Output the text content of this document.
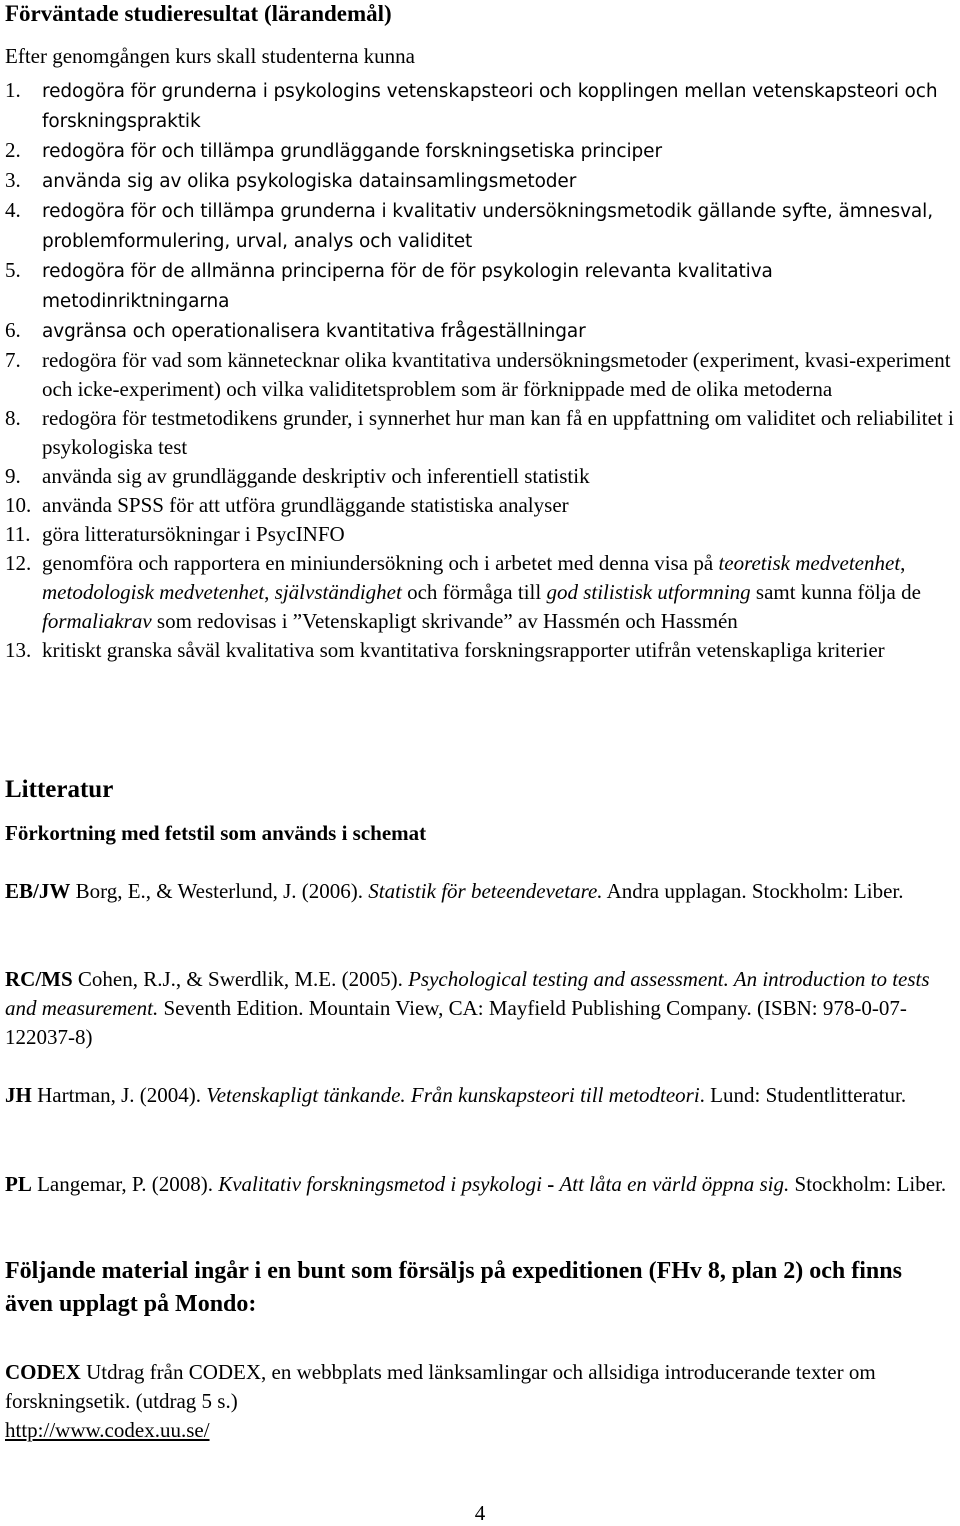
Förväntade studieresultat (lärandemål)
Efter genomgången kurs skall studenterna kunna
1. redogöra för grunderna i psykologins vetenskapsteori och kopplingen mellan vetenskapsteori och forskningspraktik
2. redogöra för och tillämpa grundläggande forskningsetiska principer
3. använda sig av olika psykologiska datainsamlingsmetoder
4. redogöra för och tillämpa grunderna i kvalitativ undersökningsmetodik gällande syfte, ämnesval, problemformulering, urval, analys och validitet
5. redogöra för de allmänna principerna för de för psykologin relevanta kvalitativa metodinriktningarna
6. avgränsa och operationalisera kvantitativa frågeställningar
7. redogöra för vad som kännetecknar olika kvantitativa undersökningsmetoder (experiment, kvasi-experiment och icke-experiment) och vilka validitetsproblem som är förknippade med de olika metoderna
8. redogöra för testmetodikens grunder, i synnerhet hur man kan få en uppfattning om validitet och reliabilitet i psykologiska test
9. använda sig av grundläggande deskriptiv och inferentiell statistik
10. använda SPSS för att utföra grundläggande statistiska analyser
11. göra litteratursökningar i PsycINFO
12. genomföra och rapportera en miniundersökning och i arbetet med denna visa på teoretisk medvetenhet, metodologisk medvetenhet, självständighet och förmåga till god stilistisk utformning samt kunna följa de formaliakrav som redovisas i ”Vetenskapligt skrivande” av Hassmén och Hassmén
13. kritiskt granska såväl kvalitativa som kvantitativa forskningsrapporter utifrån vetenskapliga kriterier
Litteratur
Förkortning med fetstil som används i schemat
EB/JW Borg, E., & Westerlund, J. (2006). Statistik för beteendevetare. Andra upplagan. Stockholm: Liber.
RC/MS Cohen, R.J., & Swerdlik, M.E. (2005). Psychological testing and assessment. An introduction to tests and measurement. Seventh Edition. Mountain View, CA: Mayfield Publishing Company. (ISBN: 978-0-07-122037-8)
JH Hartman, J. (2004). Vetenskapligt tänkande. Från kunskapsteori till metodteori. Lund: Studentlitteratur.
PL Langemar, P. (2008). Kvalitativ forskningsmetod i psykologi - Att låta en värld öppna sig. Stockholm: Liber.
Följande material ingår i en bunt som försäljs på expeditionen (FHv 8, plan 2) och finns även upplagt på Mondo:
CODEX Utdrag från CODEX, en webbplats med länksamlingar och allsidiga introducerande texter om forskningsetik. (utdrag 5 s.)
http://www.codex.uu.se/
4
